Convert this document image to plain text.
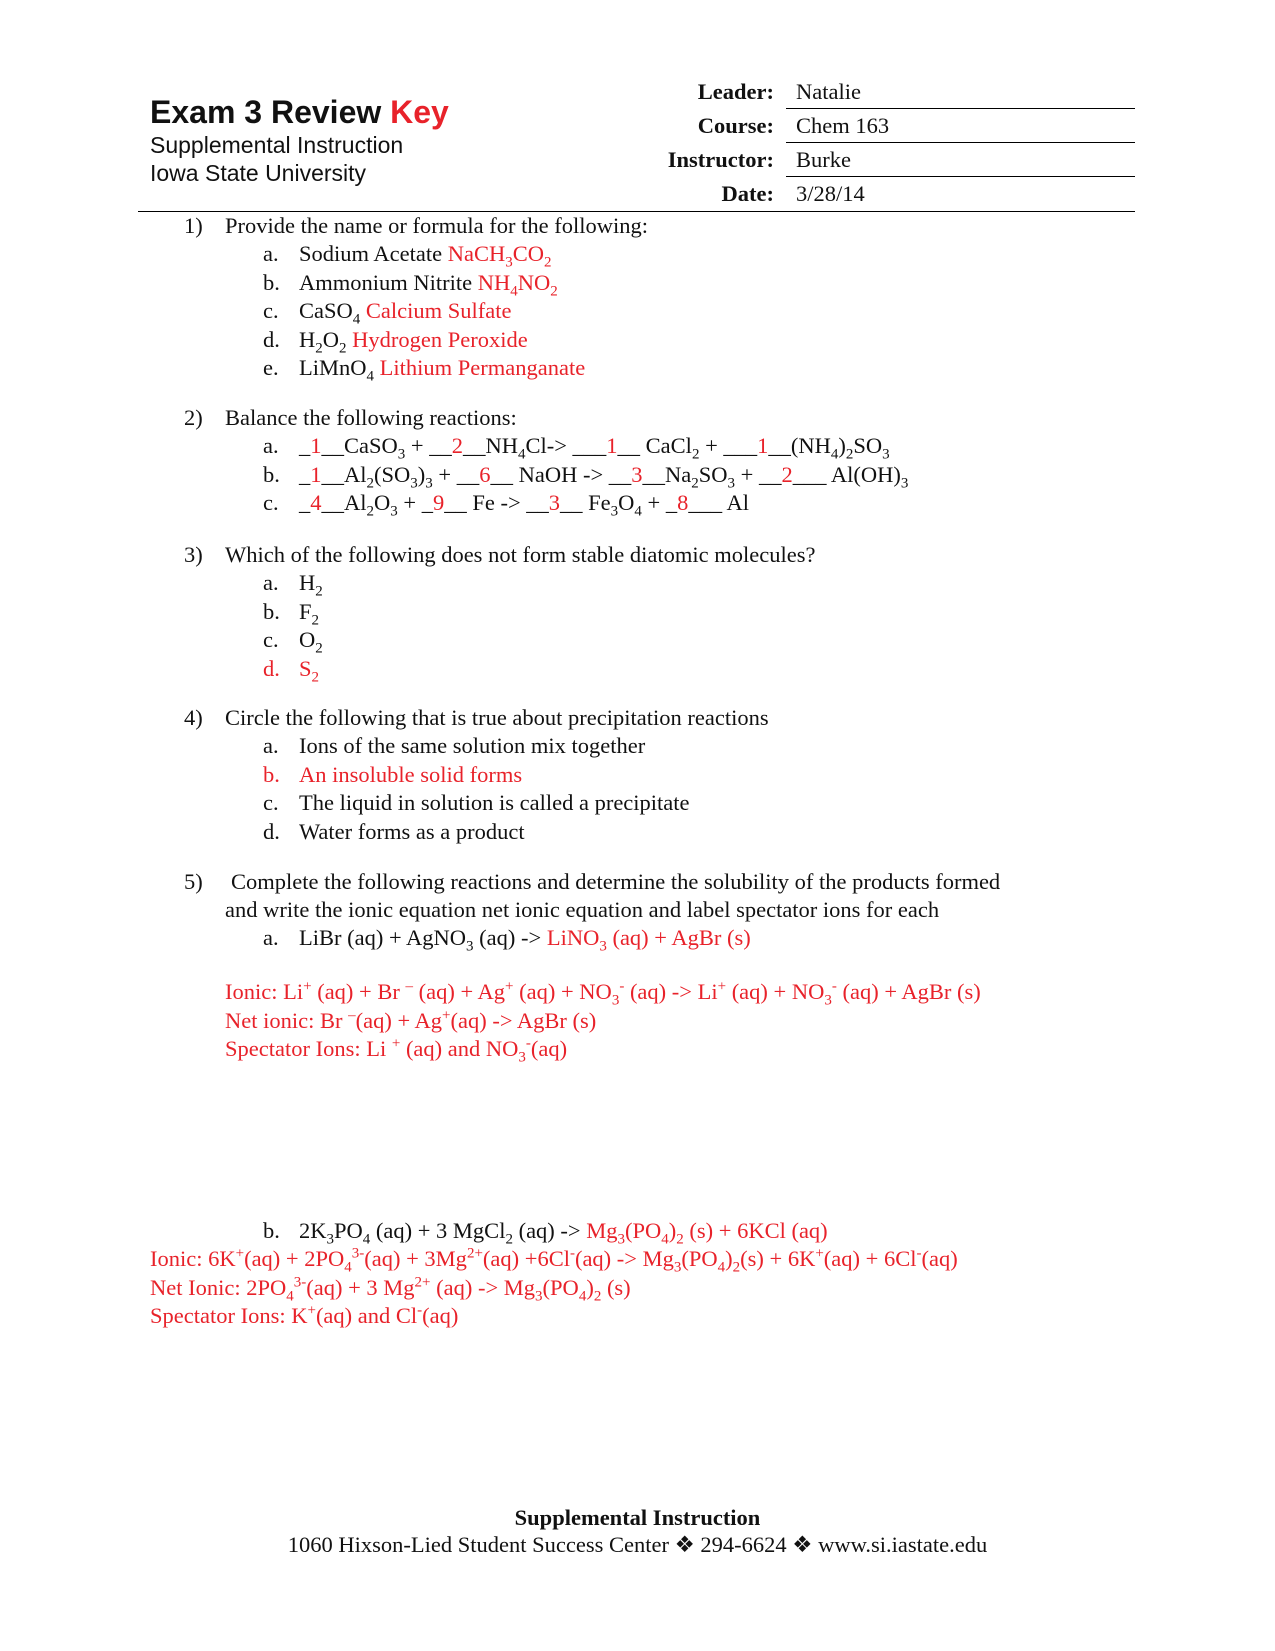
Exam 3 Review Key
Supplemental Instruction
Iowa State University
Leader: Natalie
Course: Chem 163
Instructor: Burke
Date: 3/28/14
1) Provide the name or formula for the following:
a. Sodium Acetate $NaCH_3CO_2$
b. Ammonium Nitrite $NH_4NO_2$
c. CaSO$_4$ Calcium Sulfate
d. $H_2O_2$ Hydrogen Peroxide
e. LiMnO$_4$ Lithium Permanganate
2) Balance the following reactions:
a. _1__CaSO$_3$ + $\_\_2\_\_NH_4Cl->$ ___1__ CaCl$_2$ + $\_\_\_1\_\_(NH_4)_2SO_3$
b. $\_1\_\_Al_2(SO_3)_3$ + __6__ NaOH -> $\_\_3\_\_Na_2SO_3$ + __2___ $Al(OH)_3$
c. $\_4\_\_Al_2O_3$ + _9__ Fe -> __3__ $Fe_3O_4$ + _8___ Al
3) Which of the following does not form stable diatomic molecules?
a. $H_2$
b. $F_2$
c. $O_2$
d. $S_2$
4) Circle the following that is true about precipitation reactions
a. Ions of the same solution mix together
b. An insoluble solid forms
c. The liquid in solution is called a precipitate
d. Water forms as a product
5)	Complete the following reactions and determine the solubility of the products formed
and write the ionic equation net ionic equation and label spectator ions for each
a. LiBr (aq) + AgNO$_3$ (aq) -> LiNO$_3$ (aq) + AgBr (s)
Ionic: Li+ (aq) + Br – (aq) + Ag+ $(aq) + NO_3^-$ (aq) -> Li+ $(aq) + NO_3^-$ (aq) + AgBr (s)
Net ionic: Br –(aq) + Ag+(aq) -> AgBr (s)
Spectator Ions: Li + (aq) and $NO_3^-(aq)$
b. $2K_3PO_4$ (aq) + 3 MgCl$_2$ $(aq) -> Mg_3(PO_4)_2$ (s) + 6KCl (aq)
Ionic: $6K^+(aq) + 2PO_4^{3-}(aq) + 3Mg^{2+}(aq) +6Cl^-(aq) -> Mg_3(PO_4)_2(s) + 6K^+(aq) + 6Cl^-(aq)$
Net Ionic: $2PO_4^{3-}(aq) + 3$ $Mg^{2+}$ $(aq) -> Mg_3(PO_4)_2$ (s)
Spectator Ions: K+(aq) and Cl-(aq)
Supplemental Instruction
1060 Hixson-Lied Student Success Center ❖ 294-6624 ❖ www.si.iastate.edu
